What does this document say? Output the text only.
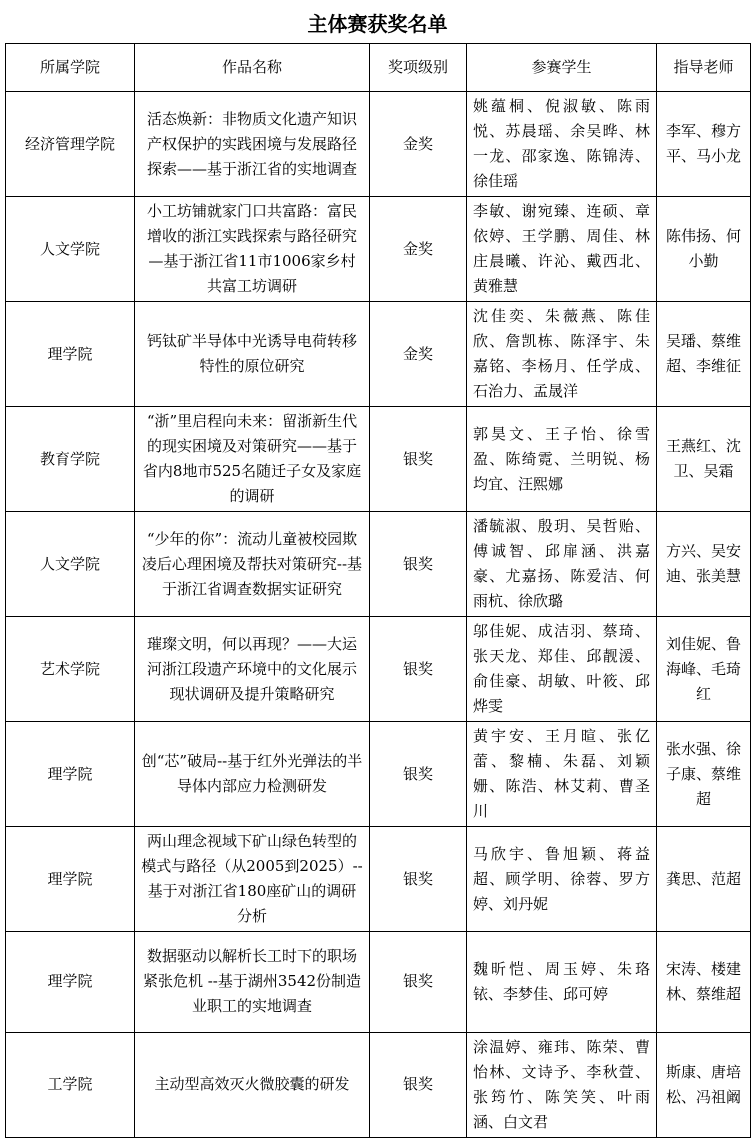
主体赛获奖名单
所属学院	作品名称	奖项级别	参赛学生	指导老师
经济管理学院	活态焕新：非物质文化遗产知识产权保护的实践困境与发展路径探索——基于浙江省的实地调查	金奖	姚蕴桐、倪淑敏、陈雨悦、苏晨瑶、余吴晔、林一龙、邵家逸、陈锦涛、徐佳瑶	李军、穆方平、马小龙
人文学院	小工坊铺就家门口共富路：富民增收的浙江实践探索与路径研究—基于浙江省11市1006家乡村共富工坊调研	金奖	李敏、谢宛臻、连硕、章依婷、王学鹏、周佳、林庄晨曦、许沁、戴西北、黄雅慧	陈伟扬、何小勤
理学院	钙钛矿半导体中光诱导电荷转移特性的原位研究	金奖	沈佳奕、朱薇燕、陈佳欣、詹凯栋、陈泽宇、朱嘉铭、李杨月、任学成、石治力、孟晟洋	吴璠、蔡维超、李维征
教育学院	“浙”里启程向未来：留浙新生代的现实困境及对策研究——基于省内8地市525名随迁子女及家庭的调研	银奖	郭昊文、王子怡、徐雪盈、陈绮霓、兰明锐、杨均宜、汪熙娜	王燕红、沈卫、吴霜
人文学院	“少年的你”：流动儿童被校园欺凌后心理困境及帮扶对策研究--基于浙江省调查数据实证研究	银奖	潘毓淑、殷玥、吴哲贻、傅诚智、邱扉涵、洪嘉豪、尤嘉扬、陈爱洁、何雨杭、徐欣璐	方兴、吴安迪、张美慧
艺术学院	璀璨文明，何以再现？——大运河浙江段遗产环境中的文化展示现状调研及提升策略研究	银奖	邬佳妮、成洁羽、蔡琦、张天龙、郑佳、邱靓湲、俞佳豪、胡敏、叶筱、邱烨雯	刘佳妮、鲁海峰、毛琦红
理学院	创“芯”破局--基于红外光弹法的半导体内部应力检测研发	银奖	黄宇安、王月暄、张亿蕾、黎楠、朱磊、刘颖姗、陈浩、林艾莉、曹圣川	张水强、徐子康、蔡维超
理学院	两山理念视域下矿山绿色转型的模式与路径（从2005到2025）--基于对浙江省180座矿山的调研分析	银奖	马欣宇、鲁旭颖、蒋益超、顾学明、徐蓉、罗方婷、刘丹妮	龚思、范超
理学院	数据驱动以解析长工时下的职场紧张危机 --基于湖州3542份制造业职工的实地调查	银奖	魏昕恺、周玉婷、朱珞铱、李梦佳、邱可婷	宋涛、楼建林、蔡维超
工学院	主动型高效灭火微胶囊的研发	银奖	涂温婷、雍玮、陈荣、曹怡林、文诗予、李秋萱、张筠竹、陈笑笑、叶雨涵、白文君	斯康、唐培松、冯祖阚
